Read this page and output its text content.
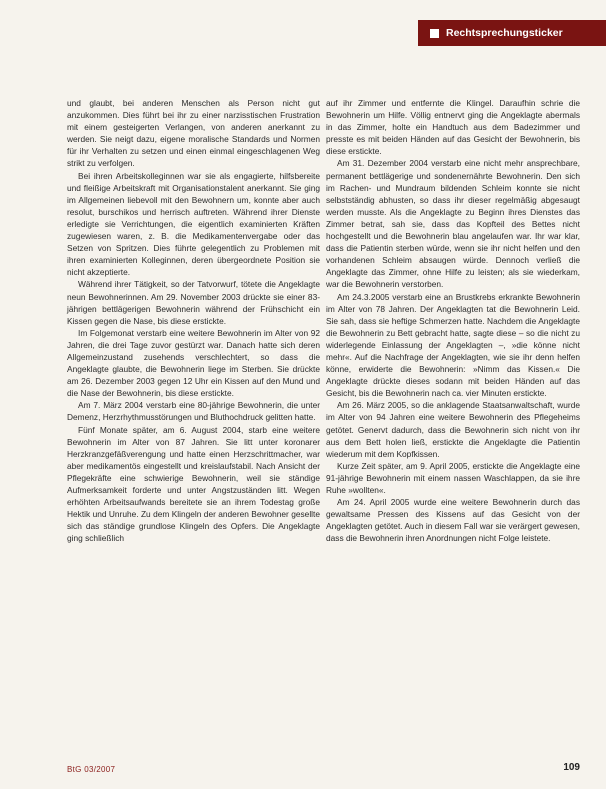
Rechtsprechungsticker

und glaubt, bei anderen Menschen als Person nicht gut anzukommen. Dies führt bei ihr zu einer narzisstischen Frustration mit einem gesteigerten Verlangen, von anderen anerkannt zu werden. Sie neigt dazu, eigene moralische Standards und Normen für ihr Verhalten zu setzen und einen einmal eingeschlagenen Weg strikt zu verfolgen.

Bei ihren Arbeitskolleginnen war sie als engagierte, hilfsbereite und fleißige Arbeitskraft mit Organisationstalent anerkannt. Sie ging im Allgemeinen liebevoll mit den Bewohnern um, konnte aber auch resolut, burschikos und herrisch auftreten. Während ihrer Dienste erledigte sie Verrichtungen, die eigentlich examinierten Kräften zugewiesen waren, z. B. die Medikamentenvergabe oder das Setzen von Spritzen. Dies führte gelegentlich zu Problemen mit ihren examinierten Kolleginnen, deren übergeordnete Position sie nicht akzeptierte.

Während ihrer Tätigkeit, so der Tatvorwurf, tötete die Angeklagte neun Bewohnerinnen. Am 29. November 2003 drückte sie einer 83-jährigen bettlägerigen Bewohnerin während der Frühschicht ein Kissen gegen die Nase, bis diese erstickte.

Im Folgemonat verstarb eine weitere Bewohnerin im Alter von 92 Jahren, die drei Tage zuvor gestürzt war. Danach hatte sich deren Allgemeinzustand zusehends verschlechtert, so dass die Angeklagte glaubte, die Bewohnerin liege im Sterben. Sie drückte am 26. Dezember 2003 gegen 12 Uhr ein Kissen auf den Mund und die Nase der Bewohnerin, bis diese erstickte.

Am 7. März 2004 verstarb eine 80-jährige Bewohnerin, die unter Demenz, Herzrhythmusstörungen und Bluthochdruck gelitten hatte.

Fünf Monate später, am 6. August 2004, starb eine weitere Bewohnerin im Alter von 87 Jahren. Sie litt unter koronarer Herzkranzgefäßverengung und hatte einen Herzschrittmacher, war aber medikamentös eingestellt und kreislaufstabil. Nach Ansicht der Pflegekräfte eine schwierige Bewohnerin, weil sie ständige Aufmerksamkeit forderte und unter Angstzuständen litt. Wegen erhöhten Arbeitsaufwands bereitete sie an ihrem Todestag große Hektik und Unruhe. Zu dem Klingeln der anderen Bewohner gesellte sich das ständige grundlose Klingeln des Opfers. Die Angeklagte ging schließlich

auf ihr Zimmer und entfernte die Klingel. Daraufhin schrie die Bewohnerin um Hilfe. Völlig entnervt ging die Angeklagte abermals in das Zimmer, holte ein Handtuch aus dem Badezimmer und presste es mit beiden Händen auf das Gesicht der Bewohnerin, bis diese erstickte.

Am 31. Dezember 2004 verstarb eine nicht mehr ansprechbare, permanent bettlägerige und sondenernährte Bewohnerin. Den sich im Rachen- und Mundraum bildenden Schleim konnte sie nicht selbstständig abhusten, so dass ihr dieser regelmäßig abgesaugt werden musste. Als die Angeklagte zu Beginn ihres Dienstes das Zimmer betrat, sah sie, dass das Kopfteil des Bettes nicht hochgestellt und die Bewohnerin blau angelaufen war. Ihr war klar, dass die Patientin sterben würde, wenn sie ihr nicht helfen und den vorhandenen Schleim absaugen würde. Dennoch verließ die Angeklagte das Zimmer, ohne Hilfe zu leisten; als sie wiederkam, war die Bewohnerin verstorben.

Am 24.3.2005 verstarb eine an Brustkrebs erkrankte Bewohnerin im Alter von 78 Jahren. Der Angeklagten tat die Bewohnerin Leid. Sie sah, dass sie heftige Schmerzen hatte. Nachdem die Angeklagte die Bewohnerin zu Bett gebracht hatte, sagte diese – so die nicht zu widerlegende Einlassung der Angeklagten –, »die könne nicht mehr«. Auf die Nachfrage der Angeklagten, wie sie ihr denn helfen könne, erwiderte die Bewohnerin: »Nimm das Kissen.« Die Angeklagte drückte dieses sodann mit beiden Händen auf das Gesicht, bis die Bewohnerin nach ca. vier Minuten erstickte.

Am 26. März 2005, so die anklagende Staatsanwaltschaft, wurde im Alter von 94 Jahren eine weitere Bewohnerin des Pflegeheims getötet. Genervt dadurch, dass die Bewohnerin sich nicht von ihr aus dem Bett holen ließ, erstickte die Angeklagte die Patientin wiederum mit dem Kopfkissen.

Kurze Zeit später, am 9. April 2005, erstickte die Angeklagte eine 91-jährige Bewohnerin mit einem nassen Waschlappen, da sie ihre Ruhe »wollten«.

Am 24. April 2005 wurde eine weitere Bewohnerin durch das gewaltsame Pressen des Kissens auf das Gesicht von der Angeklagten getötet. Auch in diesem Fall war sie verärgert gewesen, dass die Bewohnerin ihren Anordnungen nicht Folge leistete.

BtG 03/2007	109
